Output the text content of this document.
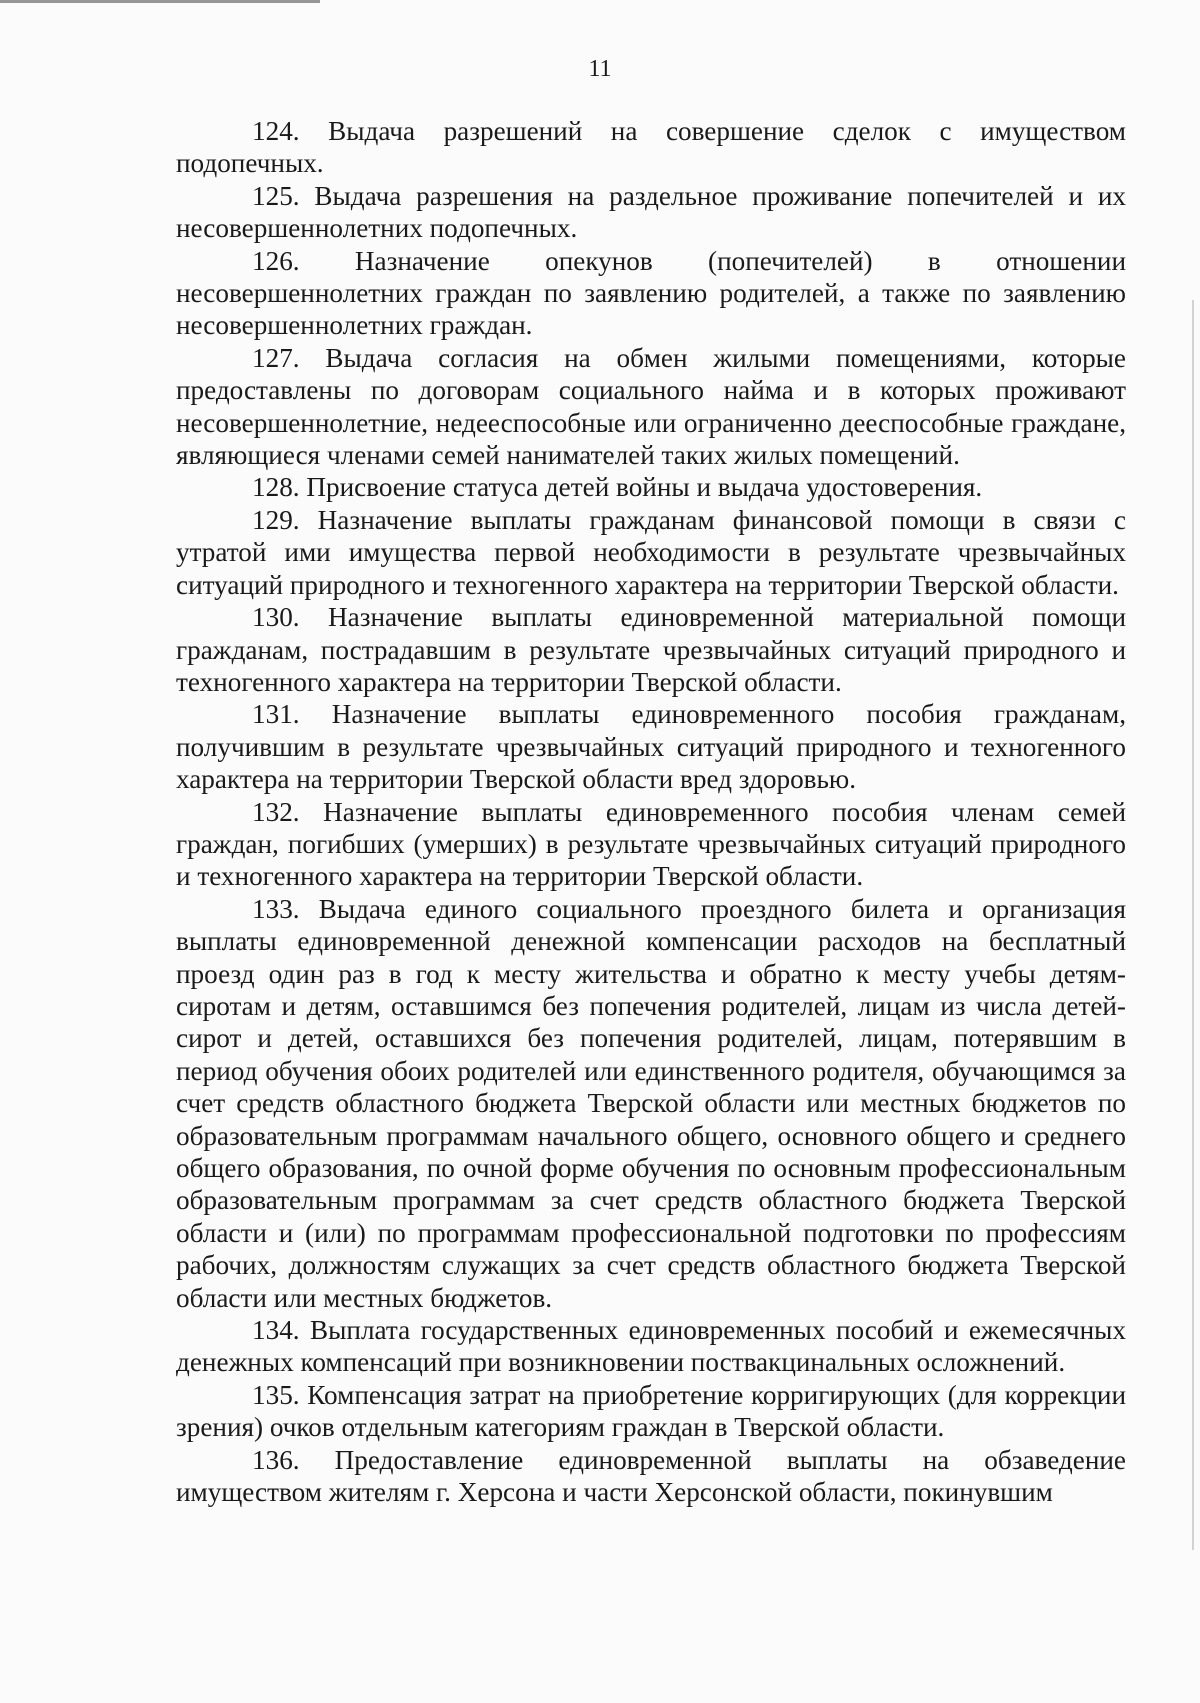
11

124. Выдача разрешений на совершение сделок с имуществом подопечных.

125. Выдача разрешения на раздельное проживание попечителей и их несовершеннолетних подопечных.

126. Назначение опекунов (попечителей) в отношении несовершеннолетних граждан по заявлению родителей, а также по заявлению несовершеннолетних граждан.

127. Выдача согласия на обмен жилыми помещениями, которые предоставлены по договорам социального найма и в которых проживают несовершеннолетние, недееспособные или ограниченно дееспособные граждане, являющиеся членами семей нанимателей таких жилых помещений.

128. Присвоение статуса детей войны и выдача удостоверения.

129. Назначение выплаты гражданам финансовой помощи в связи с утратой ими имущества первой необходимости в результате чрезвычайных ситуаций природного и техногенного характера на территории Тверской области.

130. Назначение выплаты единовременной материальной помощи гражданам, пострадавшим в результате чрезвычайных ситуаций природного и техногенного характера на территории Тверской области.

131. Назначение выплаты единовременного пособия гражданам, получившим в результате чрезвычайных ситуаций природного и техногенного характера на территории Тверской области вред здоровью.

132. Назначение выплаты единовременного пособия членам семей граждан, погибших (умерших) в результате чрезвычайных ситуаций природного и техногенного характера на территории Тверской области.

133. Выдача единого социального проездного билета и организация выплаты единовременной денежной компенсации расходов на бесплатный проезд один раз в год к месту жительства и обратно к месту учебы детям-сиротам и детям, оставшимся без попечения родителей, лицам из числа детей-сирот и детей, оставшихся без попечения родителей, лицам, потерявшим в период обучения обоих родителей или единственного родителя, обучающимся за счет средств областного бюджета Тверской области или местных бюджетов по образовательным программам начального общего, основного общего и среднего общего образования, по очной форме обучения по основным профессиональным образовательным программам за счет средств областного бюджета Тверской области и (или) по программам профессиональной подготовки по профессиям рабочих, должностям служащих за счет средств областного бюджета Тверской области или местных бюджетов.

134. Выплата государственных единовременных пособий и ежемесячных денежных компенсаций при возникновении поствакцинальных осложнений.

135. Компенсация затрат на приобретение корригирующих (для коррекции зрения) очков отдельным категориям граждан в Тверской области.

136. Предоставление единовременной выплаты на обзаведение имуществом жителям г. Херсона и части Херсонской области, покинувшим
